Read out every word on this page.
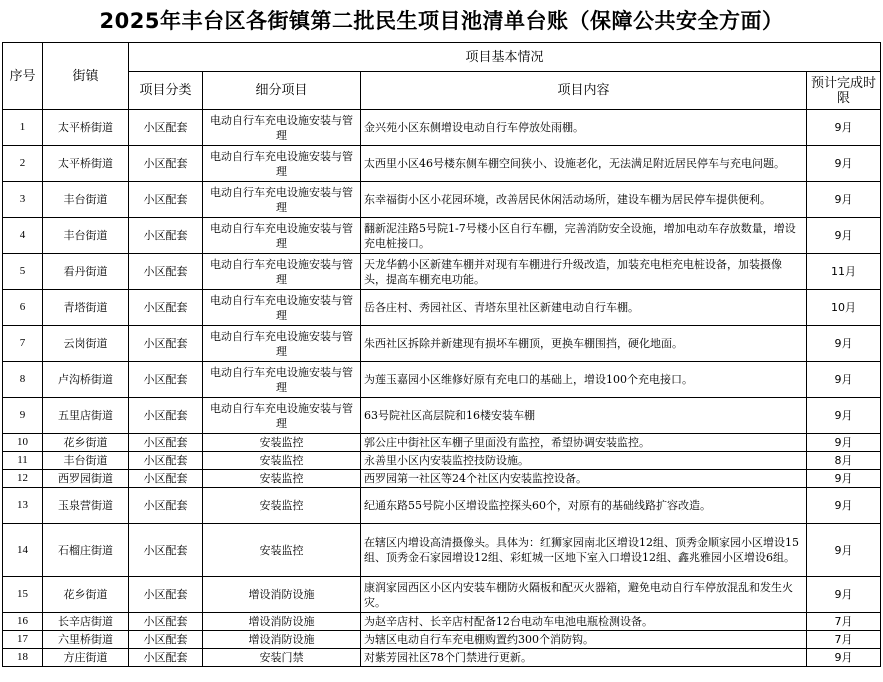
2025年丰台区各街镇第二批民生项目池清单台账（保障公共安全方面）
序号	街镇	项目基本情况			
		项目分类	细分项目	项目内容	预计完成时限
1	太平桥街道	小区配套	电动自行车充电设施安装与管理	金兴苑小区东侧增设电动自行车停放处雨棚。	9月
2	太平桥街道	小区配套	电动自行车充电设施安装与管理	太西里小区46号楼东侧车棚空间狭小、设施老化，无法满足附近居民停车与充电问题。	9月
3	丰台街道	小区配套	电动自行车充电设施安装与管理	东幸福街小区小花园环境，改善居民休闲活动场所，建设车棚为居民停车提供便利。	9月
4	丰台街道	小区配套	电动自行车充电设施安装与管理	翻新泥洼路5号院1-7号楼小区自行车棚，完善消防安全设施，增加电动车存放数量，增设充电桩接口。	9月
5	看丹街道	小区配套	电动自行车充电设施安装与管理	天龙华鹤小区新建车棚并对现有车棚进行升级改造，加装充电柜充电桩设备，加装摄像头，提高车棚充电功能。	11月
6	青塔街道	小区配套	电动自行车充电设施安装与管理	岳各庄村、秀园社区、青塔东里社区新建电动自行车棚。	10月
7	云岗街道	小区配套	电动自行车充电设施安装与管理	朱西社区拆除并新建现有损坏车棚顶，更换车棚围挡，硬化地面。	9月
8	卢沟桥街道	小区配套	电动自行车充电设施安装与管理	为莲玉嘉园小区维修好原有充电口的基础上，增设100个充电接口。	9月
9	五里店街道	小区配套	电动自行车充电设施安装与管理	63号院社区高层院和16楼安装车棚	9月
10	花乡街道	小区配套	安装监控	郭公庄中街社区车棚子里面没有监控，希望协调安装监控。	9月
11	丰台街道	小区配套	安装监控	永善里小区内安装监控技防设施。	8月
12	西罗园街道	小区配套	安装监控	西罗园第一社区等24个社区内安装监控设备。	9月
13	玉泉营街道	小区配套	安装监控	纪通东路55号院小区增设监控探头60个，对原有的基础线路扩容改造。	9月
14	石榴庄街道	小区配套	安装监控	在辖区内增设高清摄像头。具体为：红狮家园南北区增设12组、顶秀金顺家园小区增设15组、顶秀金石家园增设12组、彩虹城一区地下室入口增设12组、鑫兆雅园小区增设6组。	9月
15	花乡街道	小区配套	增设消防设施	康润家园西区小区内安装车棚防火隔板和配灭火器箱，避免电动自行车停放混乱和发生火灾。	9月
16	长辛店街道	小区配套	增设消防设施	为赵辛店村、长辛店村配备12台电动车电池电瓶检测设备。	7月
17	六里桥街道	小区配套	增设消防设施	为辖区电动自行车充电棚购置约300个消防钩。	7月
18	方庄街道	小区配套	安装门禁	对紫芳园社区78个门禁进行更新。	9月
